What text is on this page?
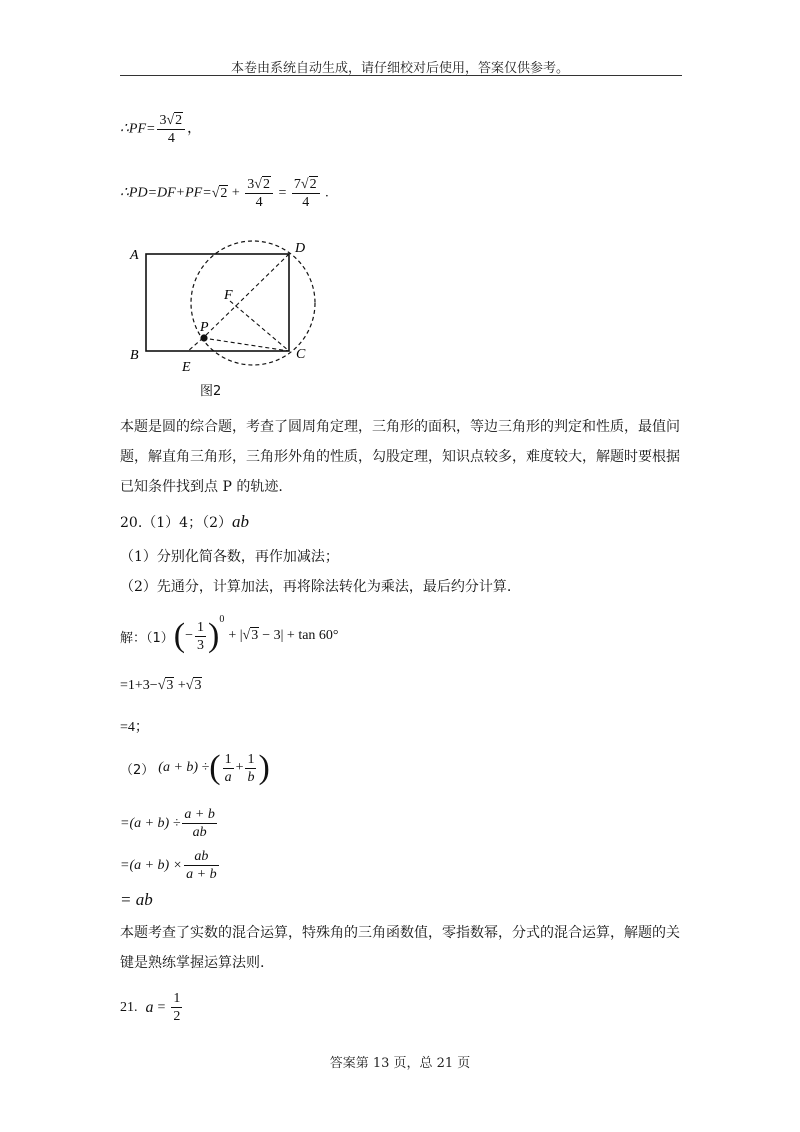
本卷由系统自动生成，请仔细校对后使用，答案仅供参考。
∴PF= $\frac{3√2}{4}$ ，
∴PD=DF+PF=√2 + $\frac{3√2}{4} = \frac{7√2}{4}$ .
A
B	C
D
E
F
P
图2
本题是圆的综合题，考查了圆周角定理，三角形的面积，等边三角形的判定和性质，最值问
题，解直角三角形，三角形外角的性质，勾股定理，知识点较多，难度较大，解题时要根据
已知条件找到点 P 的轨迹.
20.（1）4；（2）ab
（1）分别化简各数，再作加减法；
（2）先通分，计算加法，再将除法转化为乘法，最后约分计算.
解：（1） ( − $\frac{1}{3} )^0$
+ | √3 − 3| + tan 60°
=1+3−√3 +√3
=4；
（2） (a + b) ÷ ( $\frac{1}{a} + \frac{1}{b}$ )
$=(a + b) \div \frac{a + b}{ab}$
$=(a + b) \times \frac{ab}{a + b}$
= ab
本题考查了实数的混合运算，特殊角的三角函数值，零指数幂，分式的混合运算，解题的关
键是熟练掌握运算法则.
21. $a = \frac{1}{2}$
答案第 13 页，总 21 页
